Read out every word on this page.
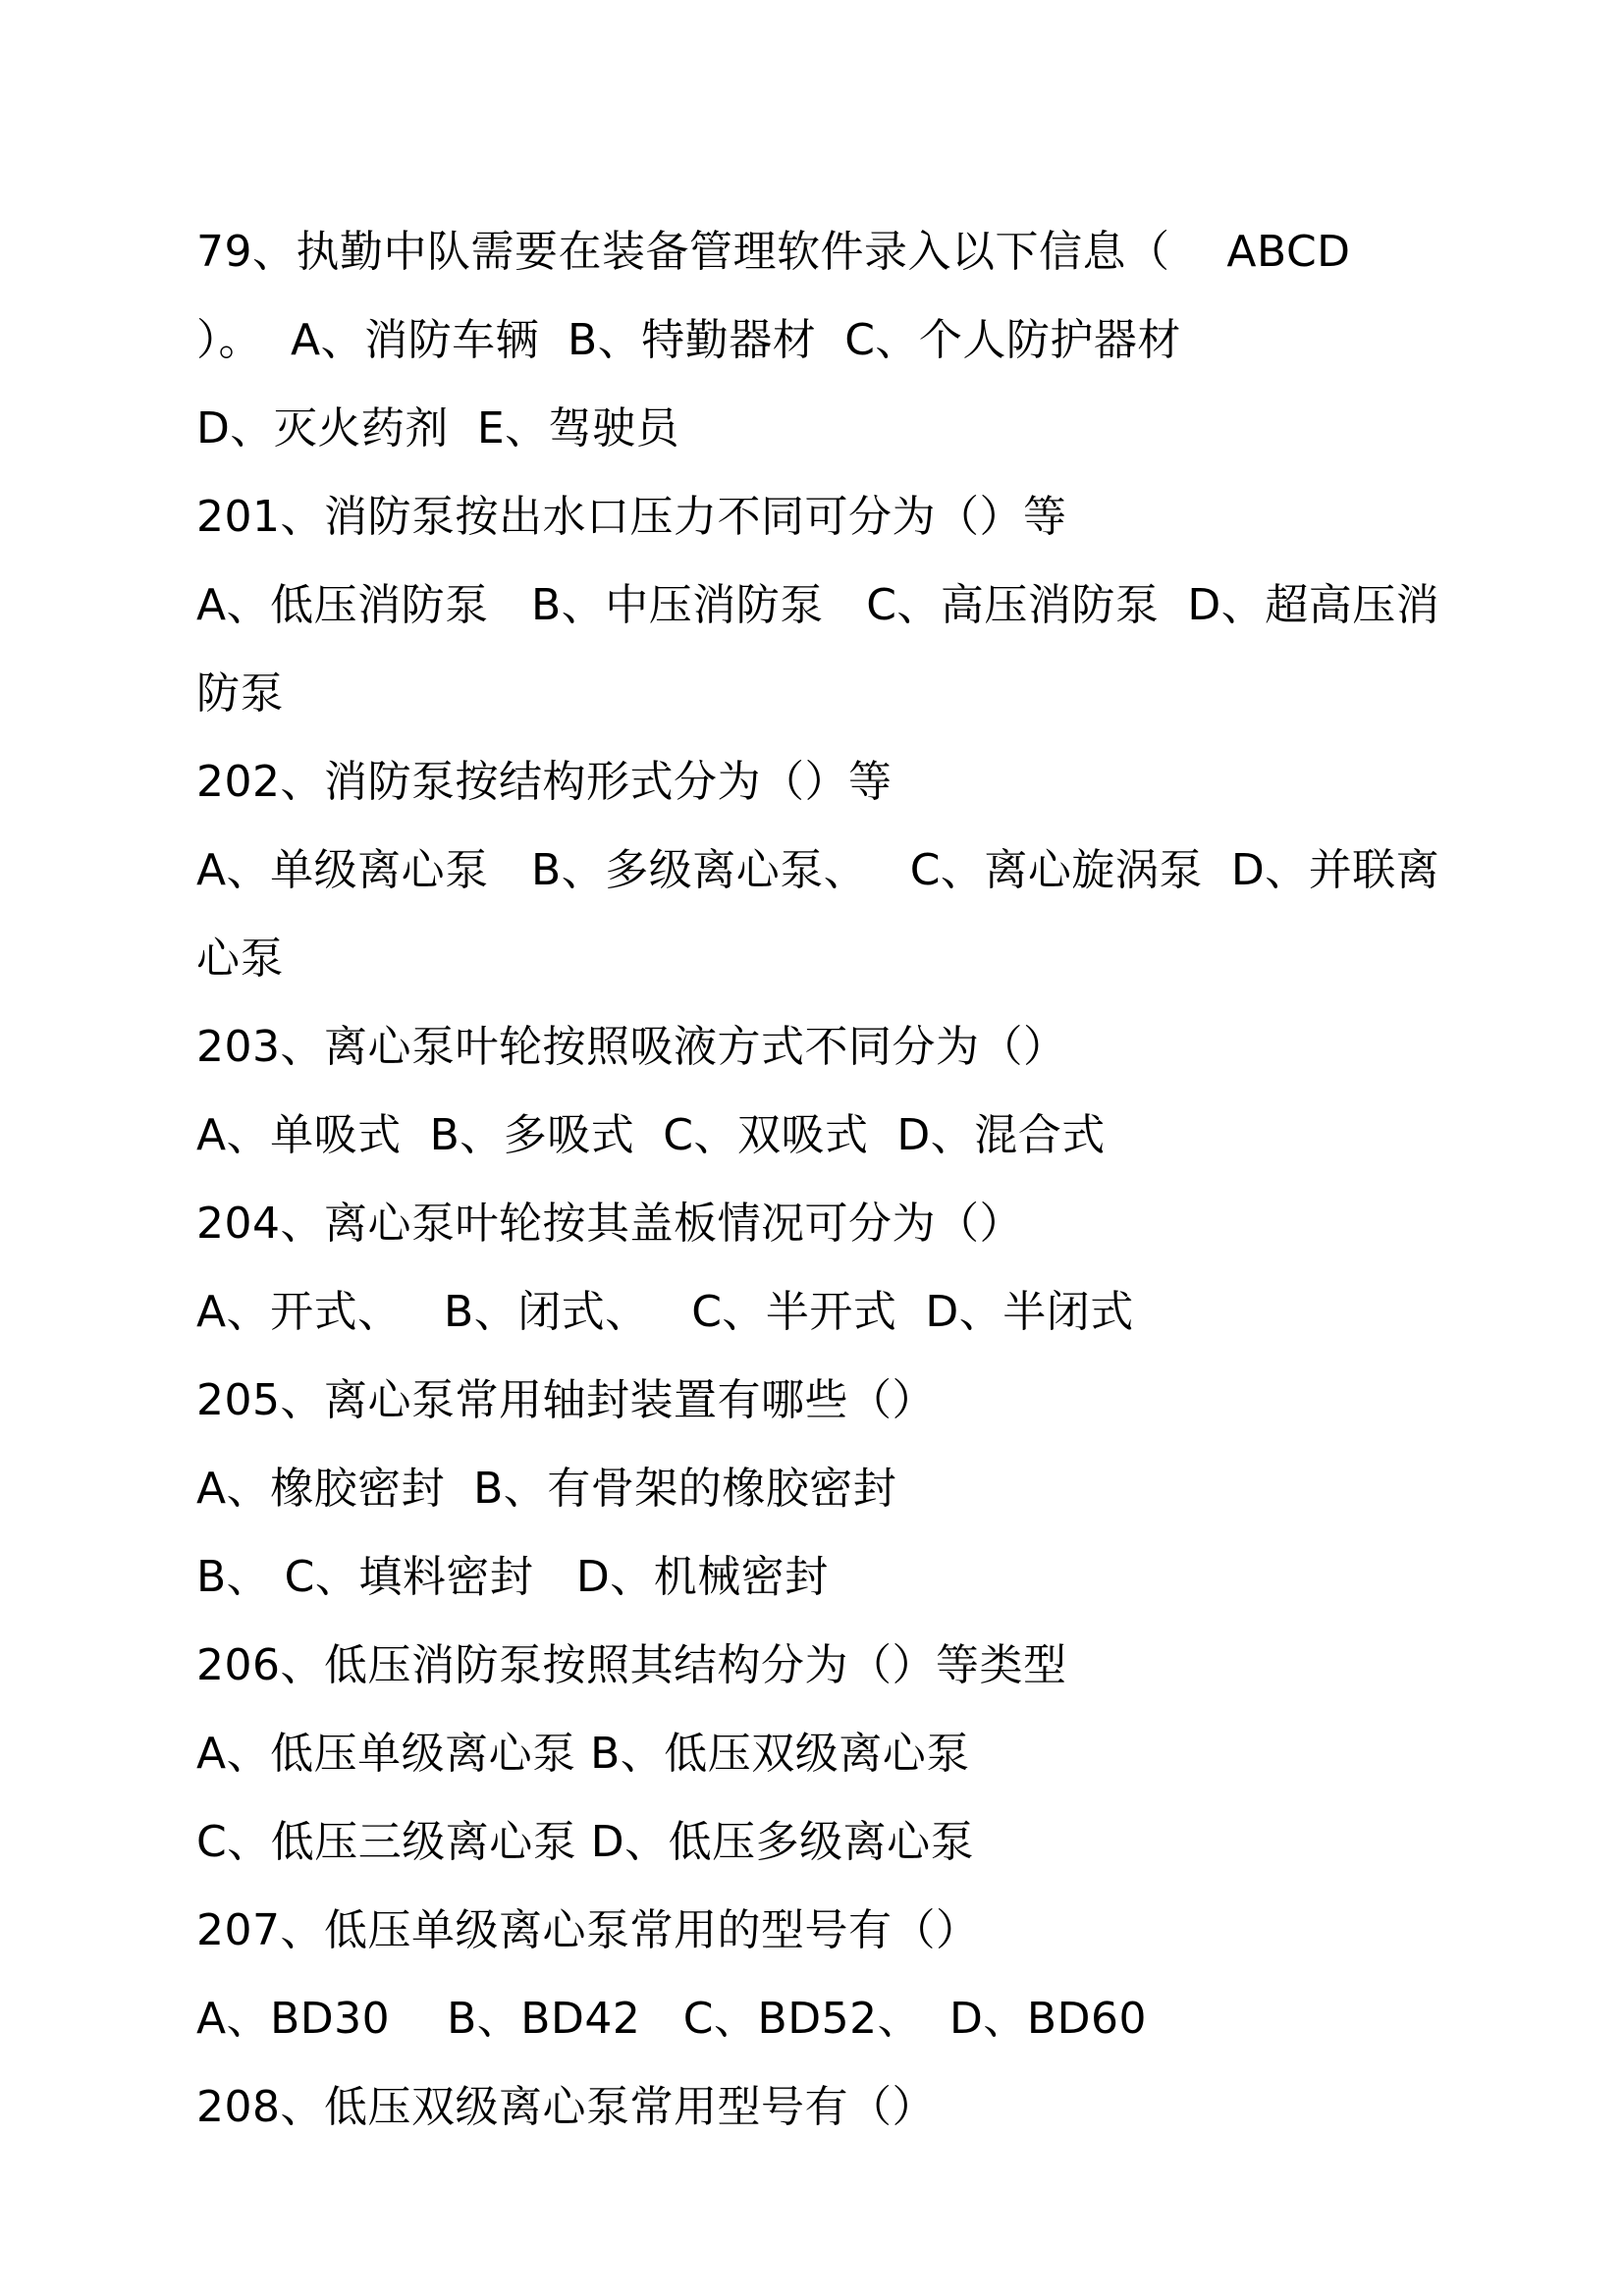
79、执勤中队需要在装备管理软件录入以下信息（    ABCD
）。  A、消防车辆  B、特勤器材  C、个人防护器材
D、灭火药剂  E、驾驶员
201、消防泵按出水口压力不同可分为（）等
A、低压消防泵   B、中压消防泵   C、高压消防泵  D、超高压消
防泵
202、消防泵按结构形式分为（）等
A、单级离心泵   B、多级离心泵、   C、离心旋涡泵  D、并联离
心泵
203、离心泵叶轮按照吸液方式不同分为（）
A、单吸式  B、多吸式  C、双吸式  D、混合式
204、离心泵叶轮按其盖板情况可分为（）
A、开式、   B、闭式、   C、半开式  D、半闭式
205、离心泵常用轴封装置有哪些（）
A、橡胶密封  B、有骨架的橡胶密封
B、 C、填料密封   D、机械密封
206、低压消防泵按照其结构分为（）等类型
A、低压单级离心泵 B、低压双级离心泵
C、低压三级离心泵 D、低压多级离心泵
207、低压单级离心泵常用的型号有（）
A、BD30    B、BD42   C、BD52、  D、BD60
208、低压双级离心泵常用型号有（）
